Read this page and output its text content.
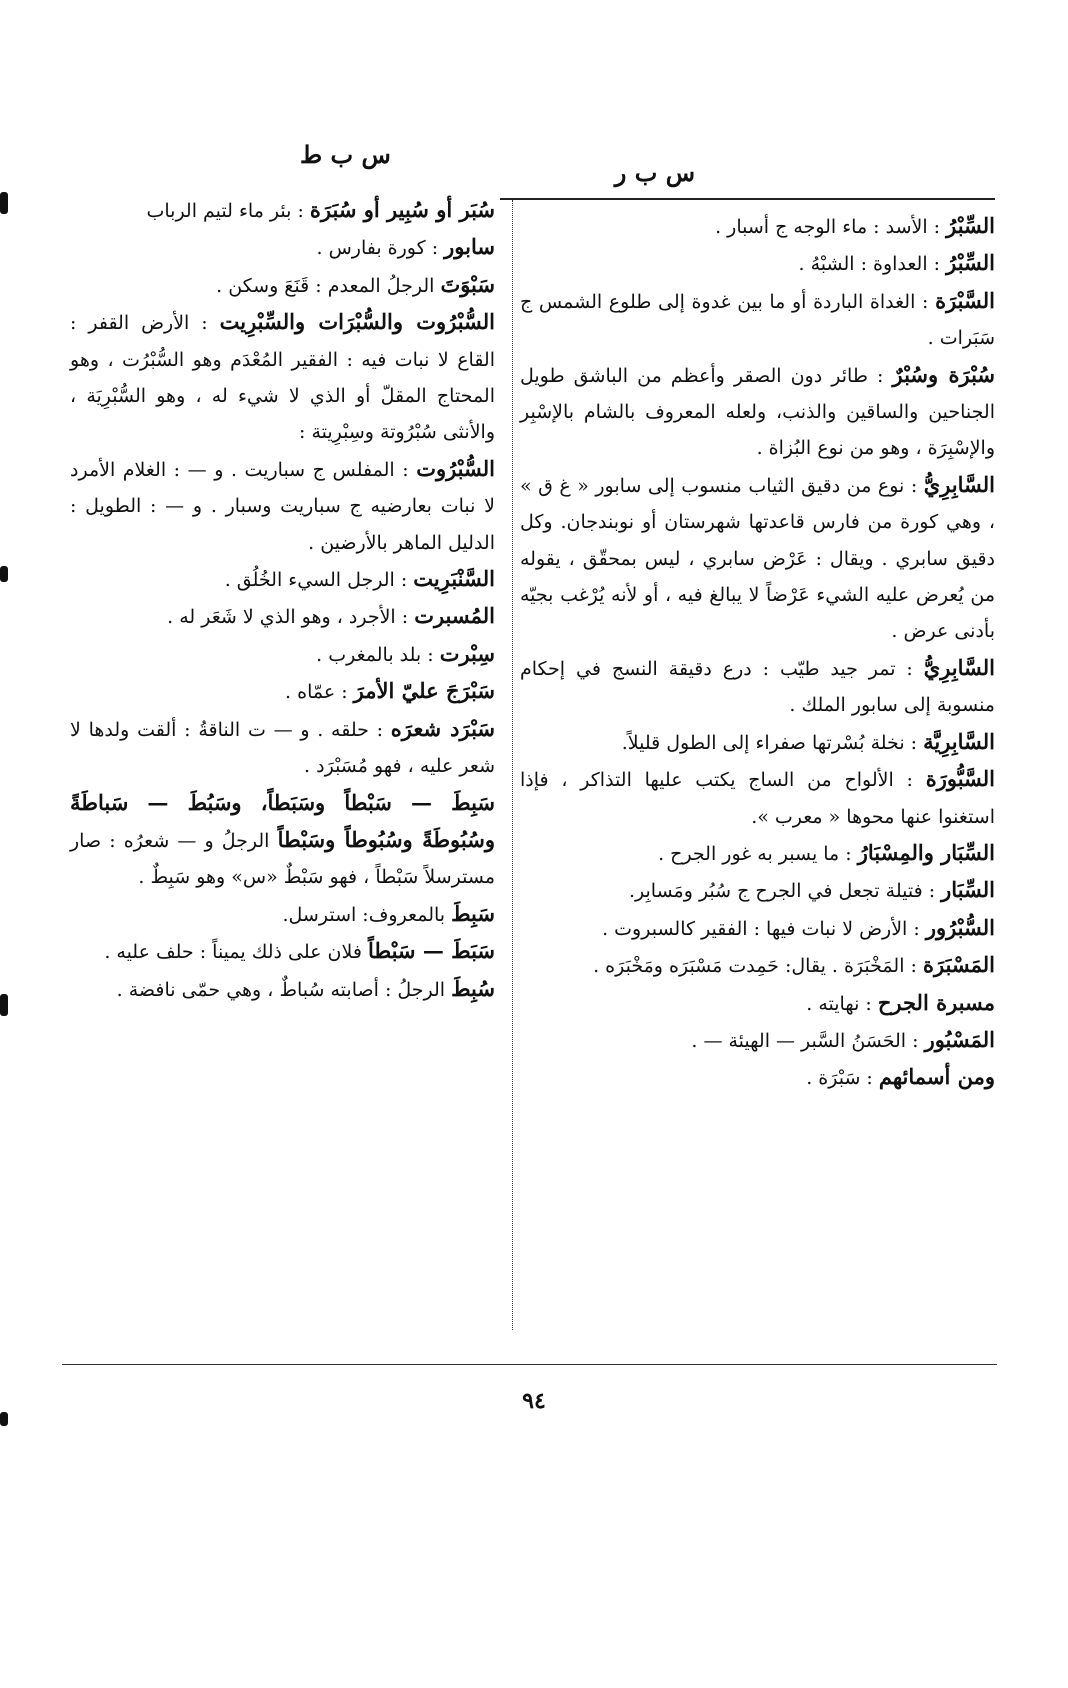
س ب ط
س ب ر

السِّبْرُ : الأسد : ماء الوجه ج أسبار .

السِّبْرُ : العداوة : الشبْهُ .

السَّبْرَة : الغداة الباردة أو ما بين غدوة إلى طلوع الشمس ج سَبَرات .

سُبْرَة وسُبْرٌ : طائر دون الصقر وأعظم من الباشق طويل الجناحين والساقين والذنب، ولعله المعروف بالشام بالإسْبِر والإسْبِرَة ، وهو من نوع البُزاة .

السَّابِرِيُّ : نوع من دقيق الثياب منسوب إلى سابور « غ ق » ، وهي كورة من فارس قاعدتها شهرستان أو نوبندجان. وكل دقيق سابري . ويقال : عَرْض سابري ، ليس بمحقّق ، يقوله من يُعرض عليه الشيء عَرْضاً لا يبالغ فيه ، أو لأنه يُرْغب بجيّه بأدنى عرض .

السَّابِرِيُّ : تمر جيد طيّب : درع دقيقة النسج في إحكام منسوبة إلى سابور الملك .

السَّابِرِيَّة : نخلة بُسْرتها صفراء إلى الطول قليلاً.

السَّبُّورَة : الألواح من الساج يكتب عليها التذاكر ، فإذا استغنوا عنها محوها « معرب ».

السِّبَار والمِسْبَارُ : ما يسبر به غور الجرح .

السِّبَار : فتيلة تجعل في الجرح ج سُبُر ومَسابِر.

السُّبْرُور : الأرض لا نبات فيها : الفقير كالسبروت .

المَسْبَرَة : المَخْبَرَة . يقال: حَمِدت مَسْبَرَه ومَخْبَرَه .

مسبرة الجرح : نهايته .

المَسْبُور : الحَسَنُ السَّبر — الهيئة — .

ومن أسمائهم : سَبْرَة .

سُبَر أو سُبِير أو سُبَرَة : بئر ماء لتيم الرباب

سابور : كورة بفارس .

سَبْوَتَ الرجلُ المعدم : قَنَعَ وسكن .

السُّبْرُوت والسُّبْرَات والسِّبْرِيت : الأرض القفر : القاع لا نبات فيه : الفقير المُعْدَم وهو السُّبْرُت ، وهو المحتاج المقلّ أو الذي لا شيء له ، وهو السُّبْرِيَة ، والأنثى سُبْرُوتة وسِبْرِيتة :

السُّبْرُوت : المفلس ج سباريت . و — : الغلام الأمرد لا نبات بعارضيه ج سباريت وسبار . و — : الطويل : الدليل الماهر بالأرضين .

السَّنْبَرِيت : الرجل السيء الخُلُق .

المُسبرت : الأجرد ، وهو الذي لا شَعَر له .

سِبْرت : بلد بالمغرب .

سَبْرَجَ عليّ الأمرَ : عمّاه .

سَبْرَد شعرَه : حلقه . و — ت الناقةُ : ألقت ولدها لا شعر عليه ، فهو مُسَبْرَد .

سَبِطَ — سَبْطاً وسَبَطاً، وسَبُطَ — سَباطَةً وسُبُوطَةً وسُبُوطاً وسَبْطاً الرجلُ و — شعرُه : صار مسترسلاً سَبْطاً ، فهو سَبْطٌ «س» وهو سَبِطٌ .

سَبِطَ بالمعروف: استرسل.

سَبَطَ — سَبْطاً فلان على ذلك يميناً : حلف عليه .

سُبِطَ الرجلُ : أصابته سُباطٌ ، وهي حمّى نافضة .

٩٤
